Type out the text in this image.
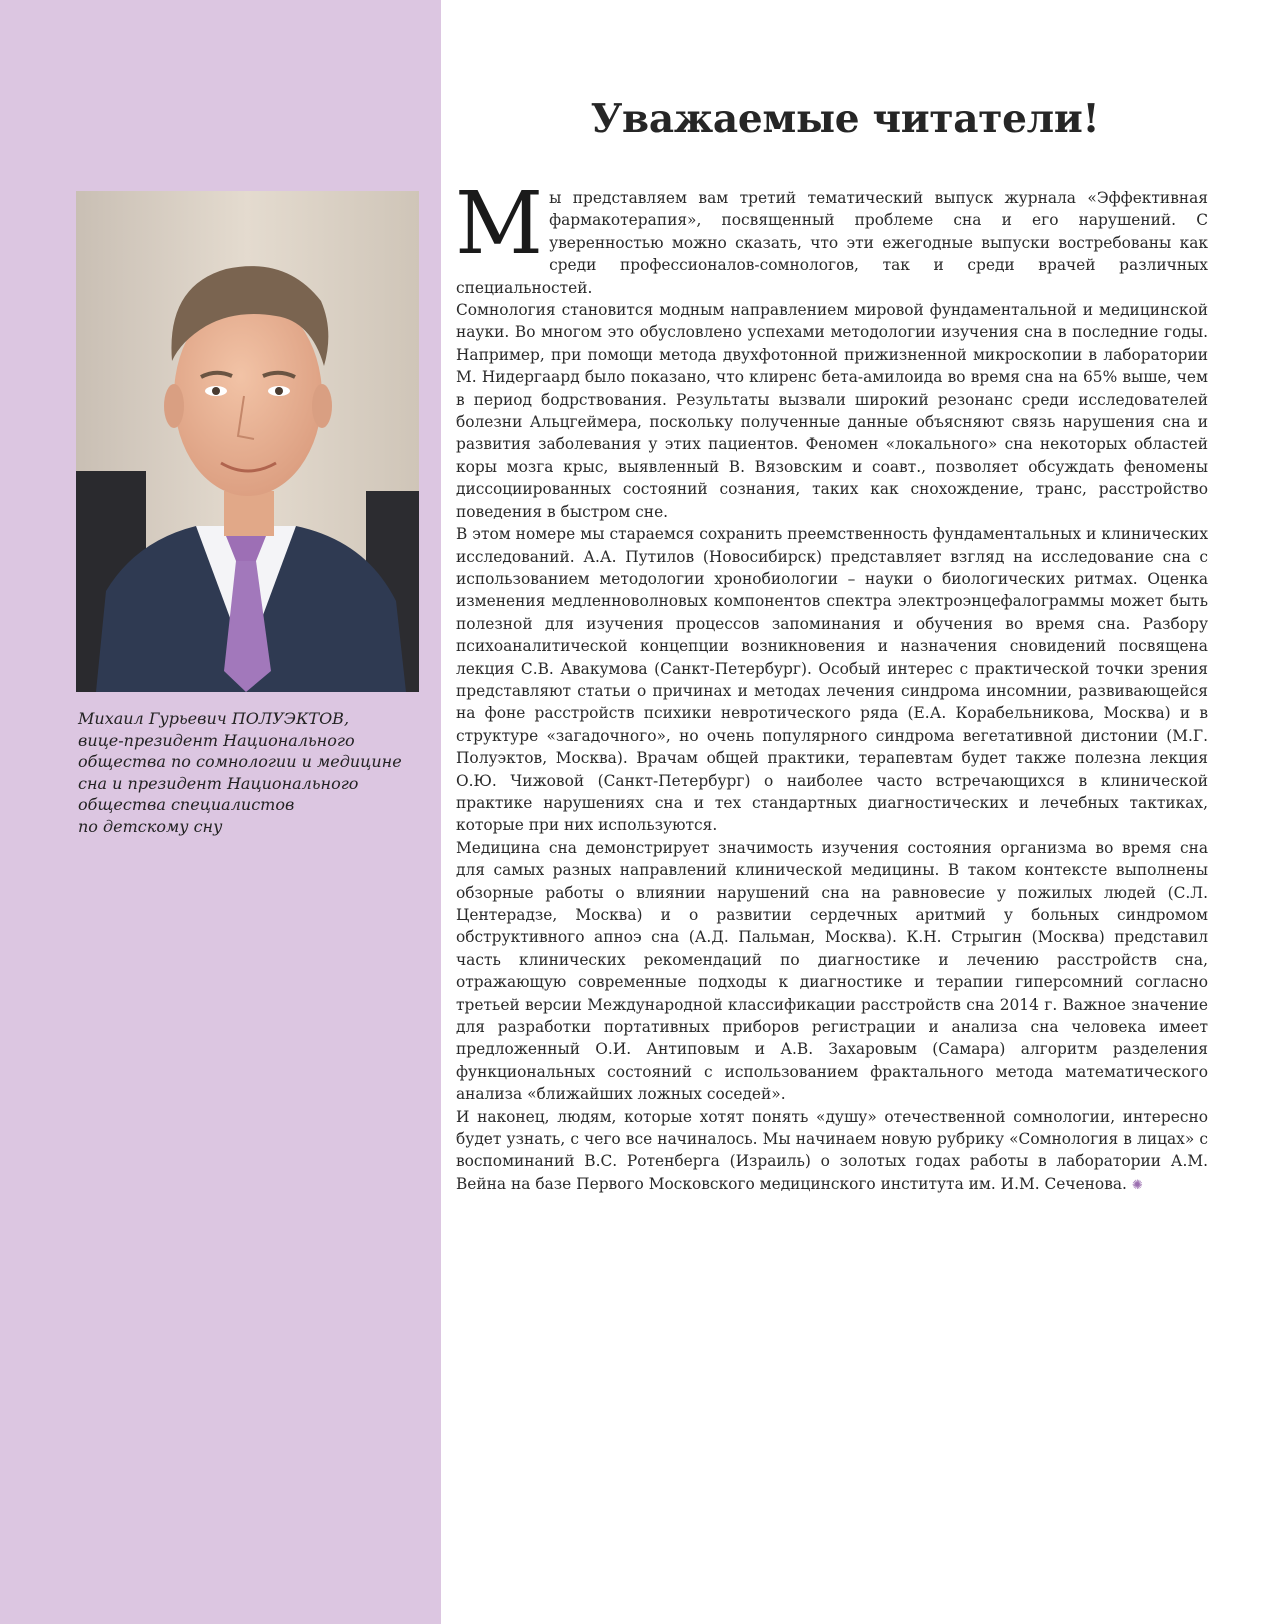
Михаил Гурьевич ПОЛУЭКТОВ,
вице-президент Национального
общества по сомнологии и медицине
сна и президент Национального
общества специалистов
по детскому сну
Уважаемые читатели!

Мы представляем вам третий тематический выпуск журнала «Эффективная фармакотерапия», посвященный проблеме сна и его нарушений. С уверенностью можно сказать, что эти ежегодные выпуски востребованы как среди профессионалов-сомнологов, так и среди врачей различных специальностей.

Сомнология становится модным направлением мировой фундаментальной и медицинской науки. Во многом это обусловлено успехами методологии изучения сна в последние годы. Например, при помощи метода двухфотонной прижизненной микроскопии в лаборатории М. Нидергаард было показано, что клиренс бета-амилоида во время сна на 65% выше, чем в период бодрствования. Результаты вызвали широкий резонанс среди исследователей болезни Альцгеймера, поскольку полученные данные объясняют связь нарушения сна и развития заболевания у этих пациентов. Феномен «локального» сна некоторых областей коры мозга крыс, выявленный В. Вязовским и соавт., позволяет обсуждать феномены диссоциированных состояний сознания, таких как снохождение, транс, расстройство поведения в быстром сне.

В этом номере мы стараемся сохранить преемственность фундаментальных и клинических исследований. А.А. Путилов (Новосибирск) представляет взгляд на исследование сна с использованием методологии хронобиологии – науки о биологических ритмах. Оценка изменения медленноволновых компонентов спектра электроэнцефалограммы может быть полезной для изучения процессов запоминания и обучения во время сна. Разбору психоаналитической концепции возникновения и назначения сновидений посвящена лекция С.В. Авакумова (Санкт-Петербург). Особый интерес с практической точки зрения представляют статьи о причинах и методах лечения синдрома инсомнии, развивающейся на фоне расстройств психики невротического ряда (Е.А. Корабельникова, Москва) и в структуре «загадочного», но очень популярного синдрома вегетативной дистонии (М.Г. Полуэктов, Москва). Врачам общей практики, терапевтам будет также полезна лекция О.Ю. Чижовой (Санкт-Петербург) о наиболее часто встречающихся в клинической практике нарушениях сна и тех стандартных диагностических и лечебных тактиках, которые при них используются.

Медицина сна демонстрирует значимость изучения состояния организма во время сна для самых разных направлений клинической медицины. В таком контексте выполнены обзорные работы о влиянии нарушений сна на равновесие у пожилых людей (С.Л. Центерадзе, Москва) и о развитии сердечных аритмий у больных синдромом обструктивного апноэ сна (А.Д. Пальман, Москва). К.Н. Стрыгин (Москва) представил часть клинических рекомендаций по диагностике и лечению расстройств сна, отражающую современные подходы к диагностике и терапии гиперсомний согласно третьей версии Международной классификации расстройств сна 2014 г. Важное значение для разработки портативных приборов регистрации и анализа сна человека имеет предложенный О.И. Антиповым и А.В. Захаровым (Самара) алгоритм разделения функциональных состояний с использованием фрактального метода математического анализа «ближайших ложных соседей».

И наконец, людям, которые хотят понять «душу» отечественной сомнологии, интересно будет узнать, с чего все начиналось. Мы начинаем новую рубрику «Сомнология в лицах» с воспоминаний В.С. Ротенберга (Израиль) о золотых годах работы в лаборатории А.М. Вейна на базе Первого Московского медицинского института им. И.М. Сеченова. ✺
